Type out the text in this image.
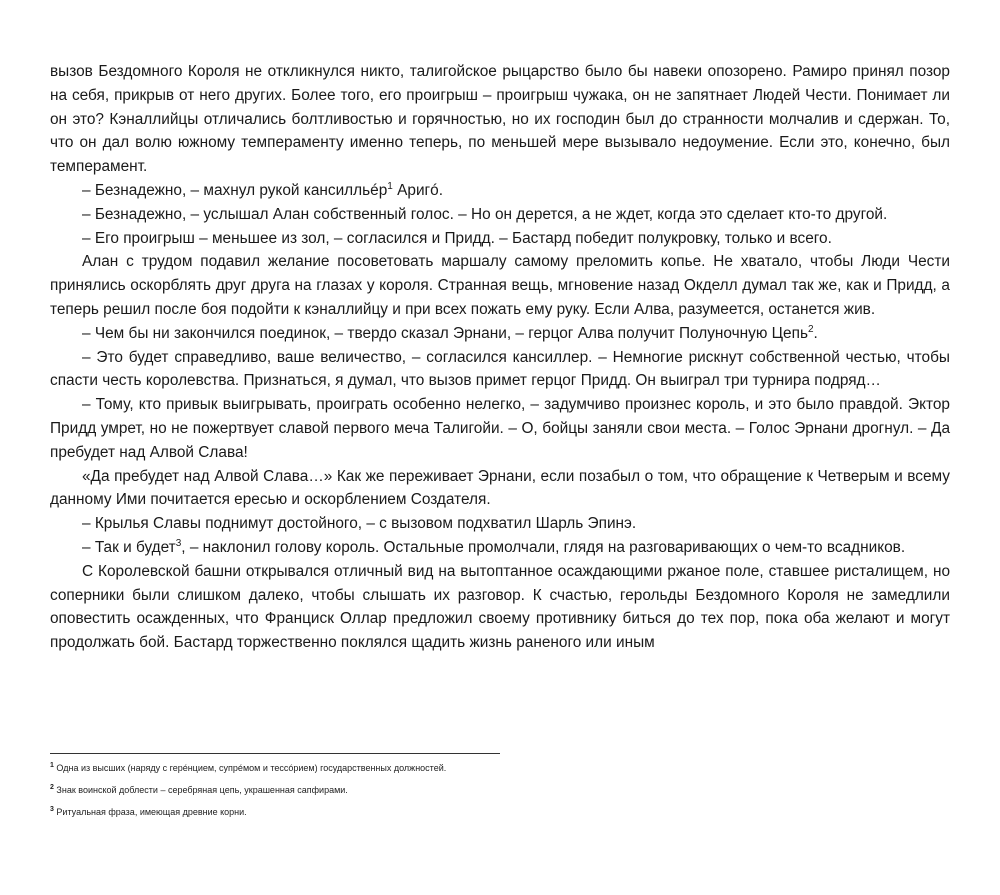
вызов Бездомного Короля не откликнулся никто, талигойское рыцарство было бы навеки опозорено. Рамиро принял позор на себя, прикрыв от него других. Более того, его проигрыш – проигрыш чужака, он не запятнает Людей Чести. Понимает ли он это? Кэналлийцы отличались болтливостью и горячностью, но их господин был до странности молчалив и сдержан. То, что он дал волю южному темпераменту именно теперь, по меньшей мере вызывало недоумение. Если это, конечно, был темперамент.

– Безнадежно, – махнул рукой кансилльéр$^1$ Аригó.

– Безнадежно, – услышал Алан собственный голос. – Но он дерется, а не ждет, когда это сделает кто-то другой.

– Его проигрыш – меньшее из зол, – согласился и Придд. – Бастард победит полукровку, только и всего.

Алан с трудом подавил желание посоветовать маршалу самому преломить копье. Не хватало, чтобы Люди Чести принялись оскорблять друг друга на глазах у короля. Странная вещь, мгновение назад Окделл думал так же, как и Придд, а теперь решил после боя подойти к кэналлийцу и при всех пожать ему руку. Если Алва, разумеется, останется жив.

– Чем бы ни закончился поединок, – твердо сказал Эрнани, – герцог Алва получит Полуночную Цепь$^2$.

– Это будет справедливо, ваше величество, – согласился кансиллер. – Немногие рискнут собственной честью, чтобы спасти честь королевства. Признаться, я думал, что вызов примет герцог Придд. Он выиграл три турнира подряд…

– Тому, кто привык выигрывать, проиграть особенно нелегко, – задумчиво произнес король, и это было правдой. Эктор Придд умрет, но не пожертвует славой первого меча Талигойи. – О, бойцы заняли свои места. – Голос Эрнани дрогнул. – Да пребудет над Алвой Слава!

«Да пребудет над Алвой Слава…» Как же переживает Эрнани, если позабыл о том, что обращение к Четверым и всему данному Ими почитается ересью и оскорблением Создателя.

– Крылья Славы поднимут достойного, – с вызовом подхватил Шарль Эпинэ.

– Так и будет$^3$, – наклонил голову король. Остальные промолчали, глядя на разговаривающих о чем-то всадников.

С Королевской башни открывался отличный вид на вытоптанное осаждающими ржаное поле, ставшее ристалищем, но соперники были слишком далеко, чтобы слышать их разговор. К счастью, герольды Бездомного Короля не замедлили оповестить осажденных, что Франциск Оллар предложил своему противнику биться до тех пор, пока оба желают и могут продолжать бой. Бастард торжественно поклялся щадить жизнь раненого или иным

$^1$ Одна из высших (наряду с герéнцием, супрéмом и тессóрием) государственных должностей.
$^2$ Знак воинской доблести – серебряная цепь, украшенная сапфирами.
$^3$ Ритуальная фраза, имеющая древние корни.
